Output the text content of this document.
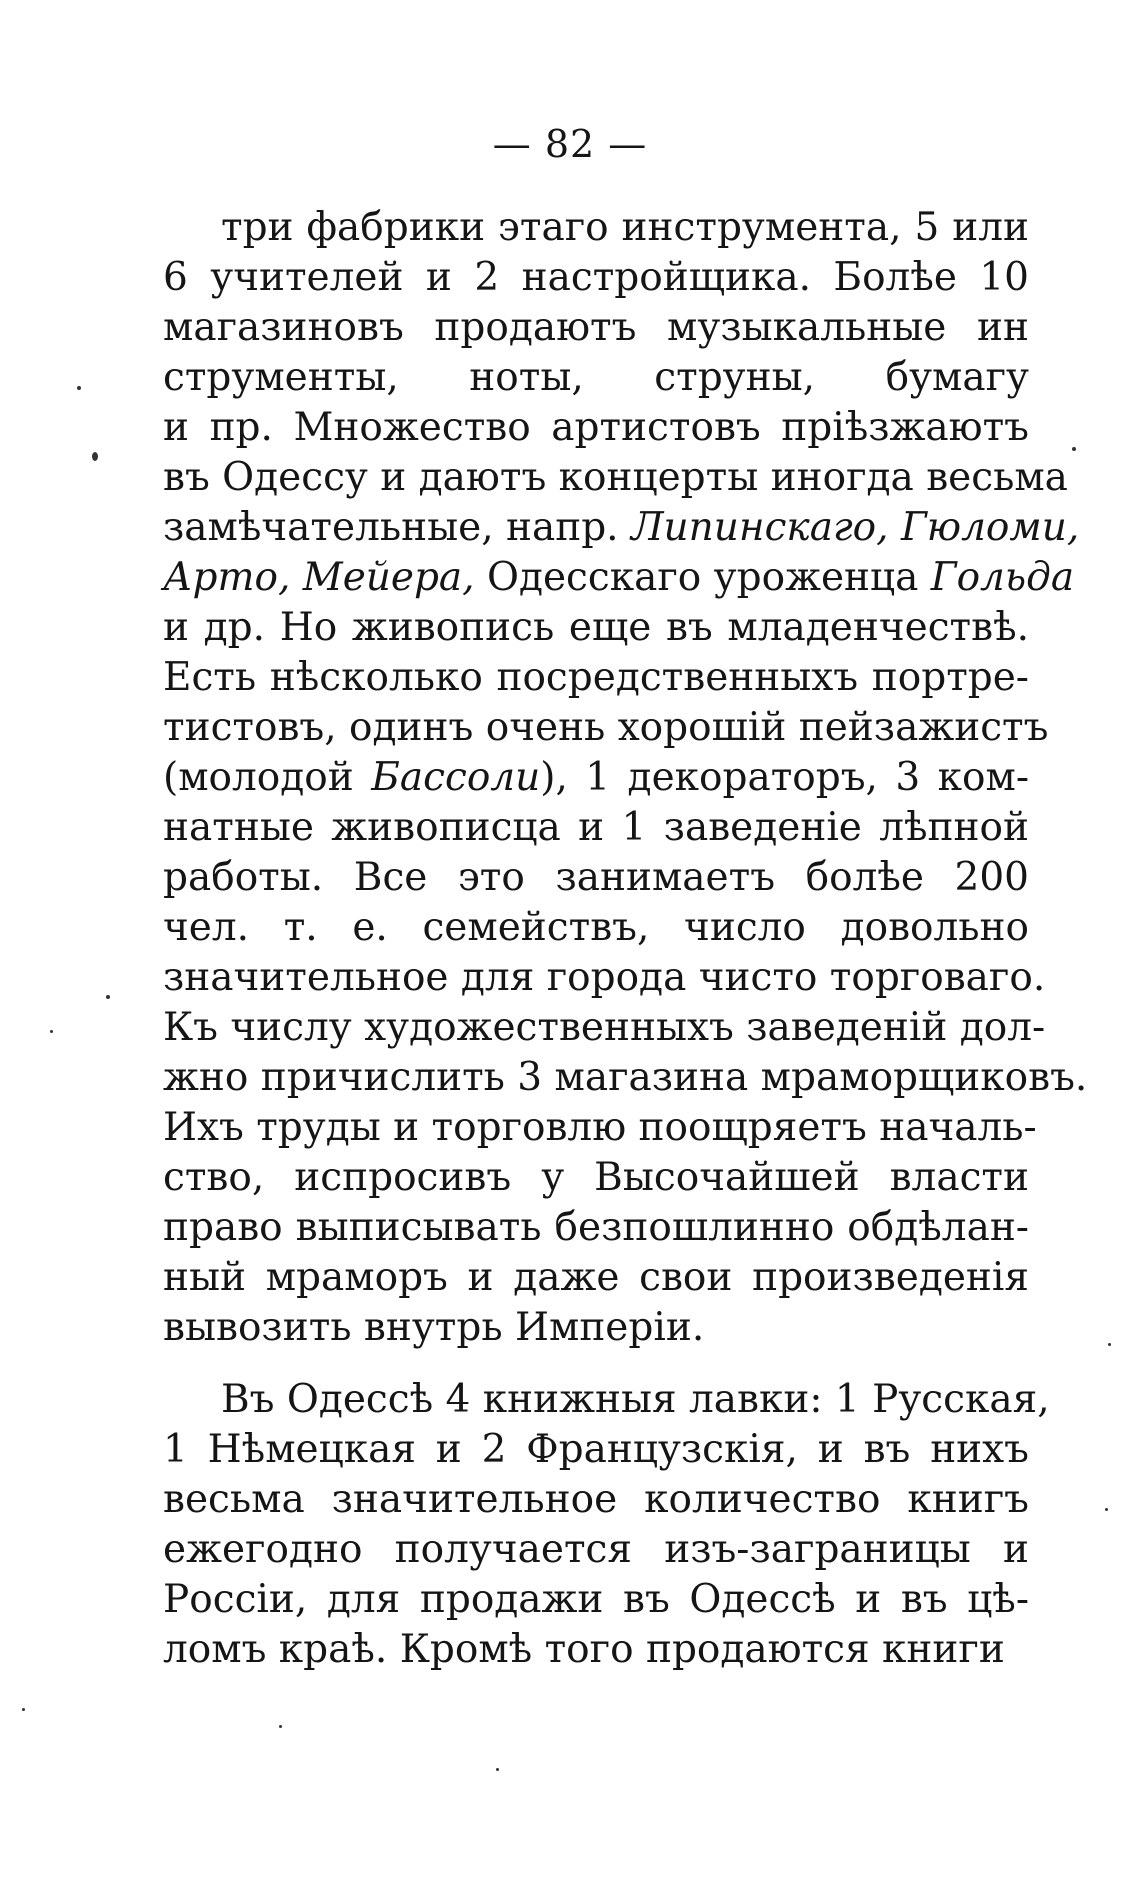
— 82 —
три фабрики этаго инструмента, 5 или
6 учителей и 2 настройщика. Болѣе 10
магазиновъ продаютъ музыкальные ин
струменты, ноты, струны, бумагу
и пр. Множество артистовъ пріѣзжаютъ
въ Одессу и даютъ концерты иногда весьма
замѣчательные, напр. Липинскаго, Гюломи,
Арто, Мейера, Одесскаго уроженца Гольда
и др. Но живопись еще въ младенчествѣ.
Есть нѣсколько посредственныхъ портре-
тистовъ, одинъ очень хорошій пейзажистъ
(молодой Бассоли), 1 декораторъ, 3 ком-
натные живописца и 1 заведеніе лѣпной
работы. Все это занимаетъ болѣе 200
чел. т. е. семействъ, число довольно
значительное для города чисто торговаго.
Къ числу художественныхъ заведеній дол-
жно причислить 3 магазина мраморщиковъ.
Ихъ труды и торговлю поощряетъ началь-
ство, испросивъ у Высочайшей власти
право выписывать безпошлинно обдѣлан-
ный мраморъ и даже свои произведенія
вывозить внутрь Имперіи.
Въ Одессѣ 4 книжныя лавки: 1 Русская,
1 Нѣмецкая и 2 Французскія, и въ нихъ
весьма значительное количество книгъ
ежегодно получается изъ-заграницы и
Россіи, для продажи въ Одессѣ и въ цѣ-
ломъ краѣ. Кромѣ того продаются книги
